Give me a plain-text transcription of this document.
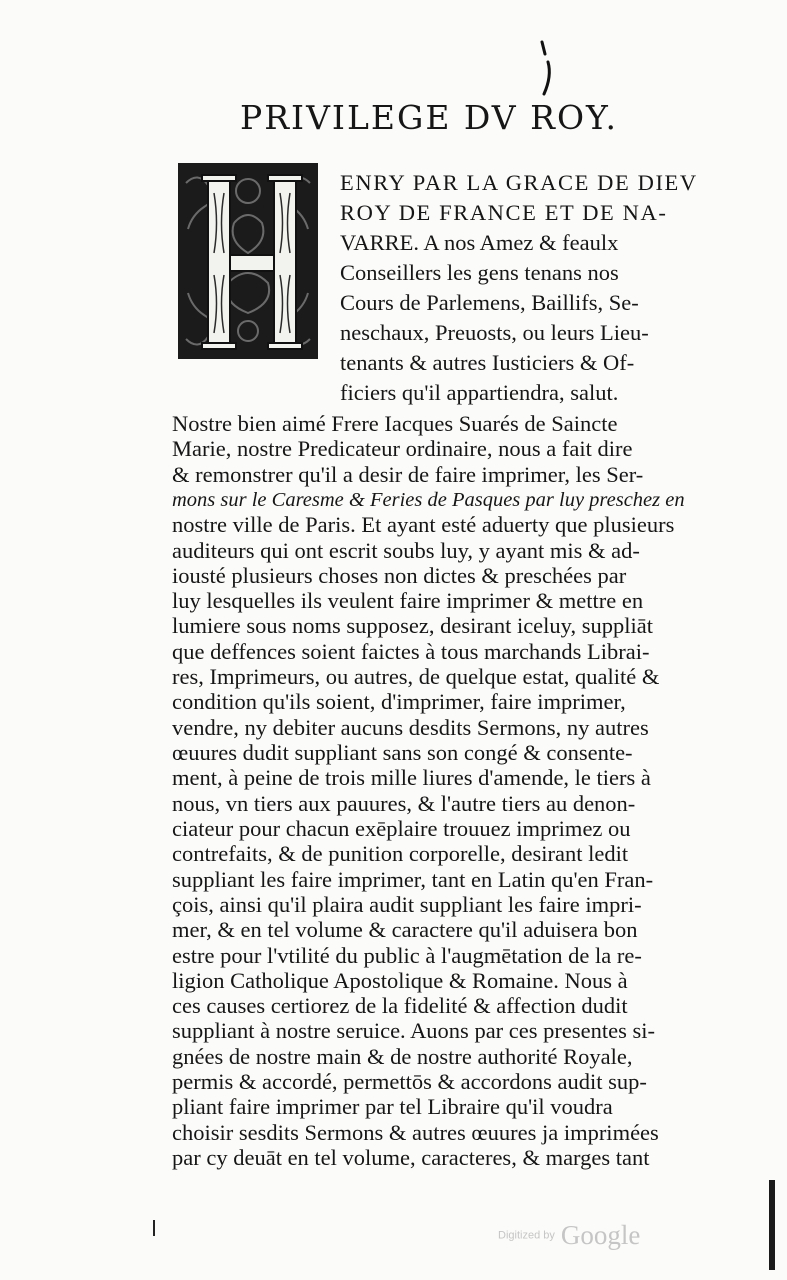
PRIVILEGE DV ROY.
ENRY PAR LA GRACE DE DIEV
ROY DE FRANCE ET DE NA-
VARRE. A nos Amez & feaulx
Conseillers les gens tenans nos
Cours de Parlemens, Baillifs, Se-
neschaux, Preuosts, ou leurs Lieu-
tenants & autres Iusticiers & Of-
ficiers qu'il appartiendra, salut.
Nostre bien aimé Frere Iacques Suarés de Saincte
Marie, nostre Predicateur ordinaire, nous a fait dire
& remonstrer qu'il a desir de faire imprimer, les Ser-
mons sur le Caresme & Feries de Pasques par luy preschez en
nostre ville de Paris. Et ayant esté aduerty que plusieurs
auditeurs qui ont escrit soubs luy, y ayant mis & ad-
iousté plusieurs choses non dictes & preschées par
luy lesquelles ils veulent faire imprimer & mettre en
lumiere sous noms supposez, desirant iceluy, suppliāt
que deffences soient faictes à tous marchands Librai-
res, Imprimeurs, ou autres, de quelque estat, qualité &
condition qu'ils soient, d'imprimer, faire imprimer,
vendre, ny debiter aucuns desdits Sermons, ny autres
œuures dudit suppliant sans son congé & consente-
ment, à peine de trois mille liures d'amende, le tiers à
nous, vn tiers aux pauures, & l'autre tiers au denon-
ciateur pour chacun exēplaire trouuez imprimez ou
contrefaits, & de punition corporelle, desirant ledit
suppliant les faire imprimer, tant en Latin qu'en Fran-
çois, ainsi qu'il plaira audit suppliant les faire impri-
mer, & en tel volume & caractere qu'il aduisera bon
estre pour l'vtilité du public à l'augmētation de la re-
ligion Catholique Apostolique & Romaine. Nous à
ces causes certiorez de la fidelité & affection dudit
suppliant à nostre seruice. Auons par ces presentes si-
gnées de nostre main & de nostre authorité Royale,
permis & accordé, permettōs & accordons audit sup-
pliant faire imprimer par tel Libraire qu'il voudra
choisir sesdits Sermons & autres œuures ja imprimées
par cy deuāt en tel volume, caracteres, & marges tant
Digitized by Google
